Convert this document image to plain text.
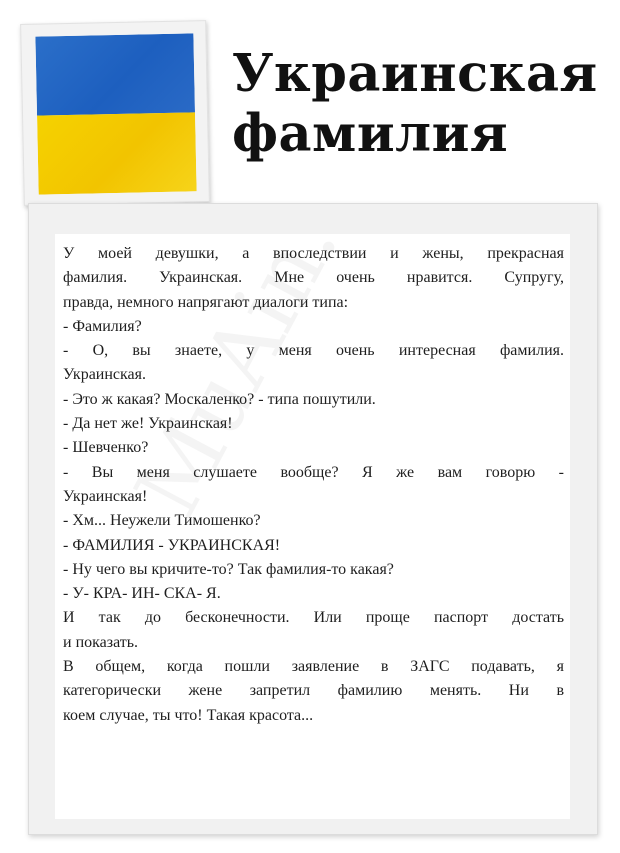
Украинская
фамилия
У моей девушки, а впоследствии и жены, прекрасная
фамилия. Украинская. Мне очень нравится. Супругу,
правда, немного напрягают диалоги типа:
- Фамилия?
- О, вы знаете, у меня очень интересная фамилия.
Украинская.
- Это ж какая? Москаленко? - типа пошутили.
- Да нет же! Украинская!
- Шевченко?
- Вы меня слушаете вообще? Я же вам говорю -
Украинская!
- Хм... Неужели Тимошенко?
- ФАМИЛИЯ - УКРАИНСКАЯ!
- Ну чего вы кричите-то? Так фамилия-то какая?
- У- КРА- ИН- СКА- Я.
И так до бесконечности. Или проще паспорт достать
и показать.
В общем, когда пошли заявление в ЗАГС подавать, я
категорически жене запретил фамилию менять. Ни в
коем случае, ты что! Такая красота...
